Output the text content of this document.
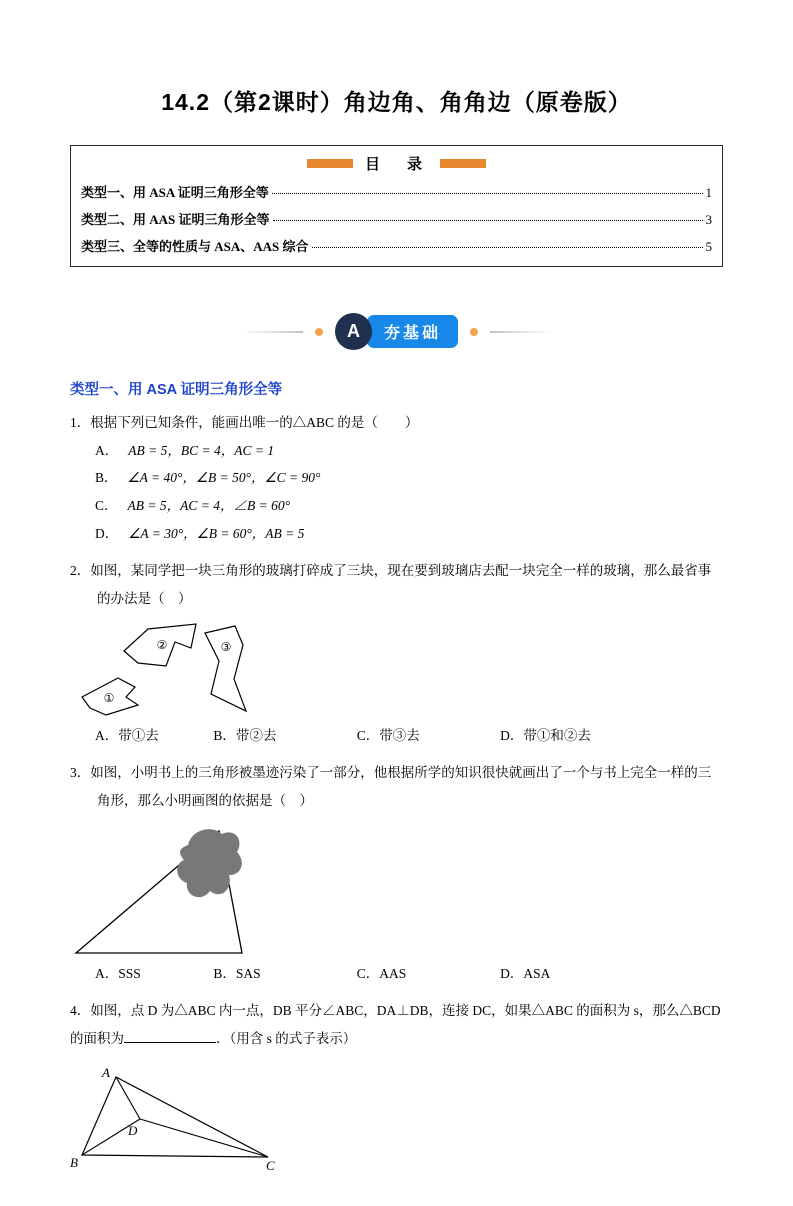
14.2（第2课时）角边角、角角边（原卷版）
目　录
类型一、用 ASA 证明三角形全等	1
类型二、用 AAS 证明三角形全等	3
类型三、全等的性质与 ASA、AAS 综合	5
A	夯基础
类型一、用 ASA 证明三角形全等
1．根据下列已知条件，能画出唯一的△ABC 的是（　　）
A． AB = 5，BC = 4，AC = 1
B． ∠A = 40°，∠B = 50°，∠C = 90°
C． AB = 5，AC = 4，∠B = 60°
D． ∠A = 30°，∠B = 60°，AB = 5
2．如图，某同学把一块三角形的玻璃打碎成了三块，现在要到玻璃店去配一块完全一样的玻璃，那么最省事的办法是（　）
②
①
③
A．带①去	B．带②去	C．带③去	D．带①和②去
3．如图，小明书上的三角形被墨迹污染了一部分，他根据所学的知识很快就画出了一个与书上完全一样的三角形，那么小明画图的依据是（　）
A．SSS	B．SAS	C．AAS	D．ASA
4．如图，点 D 为△ABC 内一点，DB 平分∠ABC，DA⊥DB，连接 DC，如果△ABC 的面积为 s，那么△BCD 的面积为	．（用含 s 的式子表示）
A
B	C
D
